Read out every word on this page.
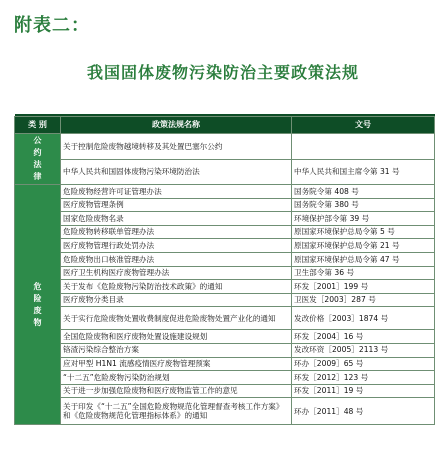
附表二：
我国固体废物污染防治主要政策法规

类 别	政策法规名称	文号
公约法律	关于控制危险废物越境转移及其处置巴塞尔公约	
	中华人民共和国固体废物污染环境防治法	中华人民共和国主席令第 31 号
危险废物	危险废物经营许可证管理办法	国务院令第 408 号
	医疗废物管理条例	国务院令第 380 号
	国家危险废物名录	环境保护部令第 39 号
	危险废物转移联单管理办法	原国家环境保护总局令第 5 号
	医疗废物管理行政处罚办法	原国家环境保护总局令第 21 号
	危险废物出口核准管理办法	原国家环境保护总局令第 47 号
	医疗卫生机构医疗废物管理办法	卫生部令第 36 号
	关于发布《危险废物污染防治技术政策》的通知	环发［2001］199 号
	医疗废物分类目录	卫医发［2003］287 号
	关于实行危险废物处置收费制度促进危险废物处置产业化的通知	发改价格［2003］1874 号
	全国危险废物和医疗废物处置设施建设规划	环发［2004］16 号
	铬渣污染综合整治方案	发改环资［2005］2113 号
	应对甲型 H1N1 流感疫情医疗废物管理预案	环办［2009］65 号
	“十二五”危险废物污染防治规划	环发［2012］123 号
	关于进一步加强危险废物和医疗废物监管工作的意见	环发［2011］19 号
	关于印发《“十二五”全国危险废物规范化管理督查考核工作方案》和《危险废物规范化管理指标体系》的通知	环办［2011］48 号
